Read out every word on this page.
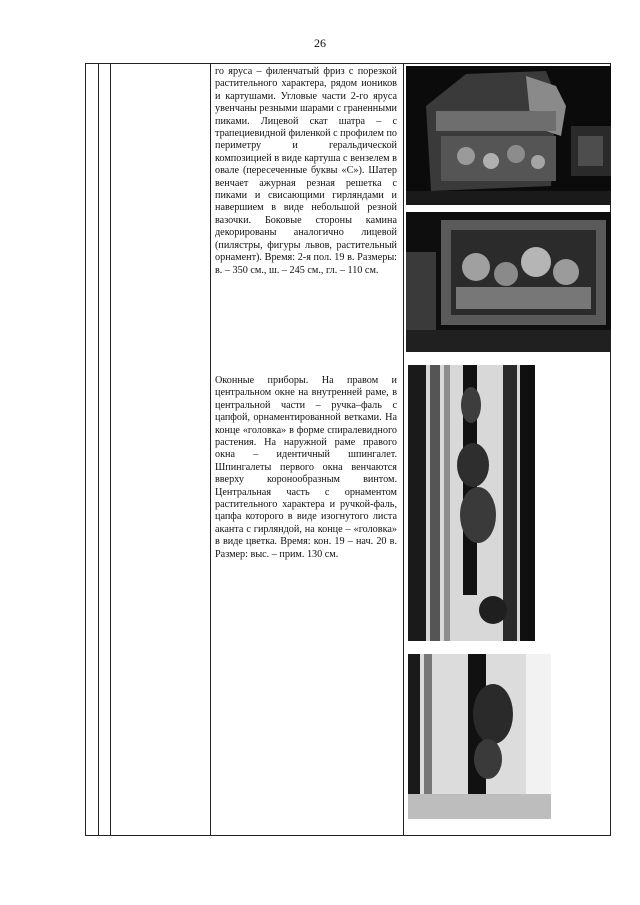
26
го яруса – филенчатый фриз с порезкой растительного характера, рядом иоников и картушами. Угловые части 2-го яруса увенчаны резными шарами с граненными пиками. Лицевой скат шатра – с трапециевидной филенкой с профилем по периметру и геральдической композицией в виде картуша с вензелем в овале (пересеченные буквы «С»). Шатер венчает ажурная резная решетка с пиками и свисающими гирляндами и навершием в виде небольшой резной вазочки. Боковые стороны камина декорированы аналогично лицевой (пилястры, фигуры львов, растительный орнамент). Время: 2-я пол. 19 в. Размеры: в. – 350 см., ш. – 245 см., гл. – 110 см.
Оконные приборы. На правом и центральном окне на внутренней раме, в центральной части – ручка–фаль с цапфой, орнаментированной ветками. На конце «головка» в форме спиралевидного растения. На наружной раме правого окна – идентичный шпингалет. Шпингалеты первого окна венчаются вверху коронообразным винтом. Центральная часть с орнаментом растительного характера и ручкой-фаль, цапфа которого в виде изогнутого листа аканта с гирляндой, на конце – «головка» в виде цветка. Время: кон. 19 – нач. 20 в. Размер: выс. – прим. 130 см.
